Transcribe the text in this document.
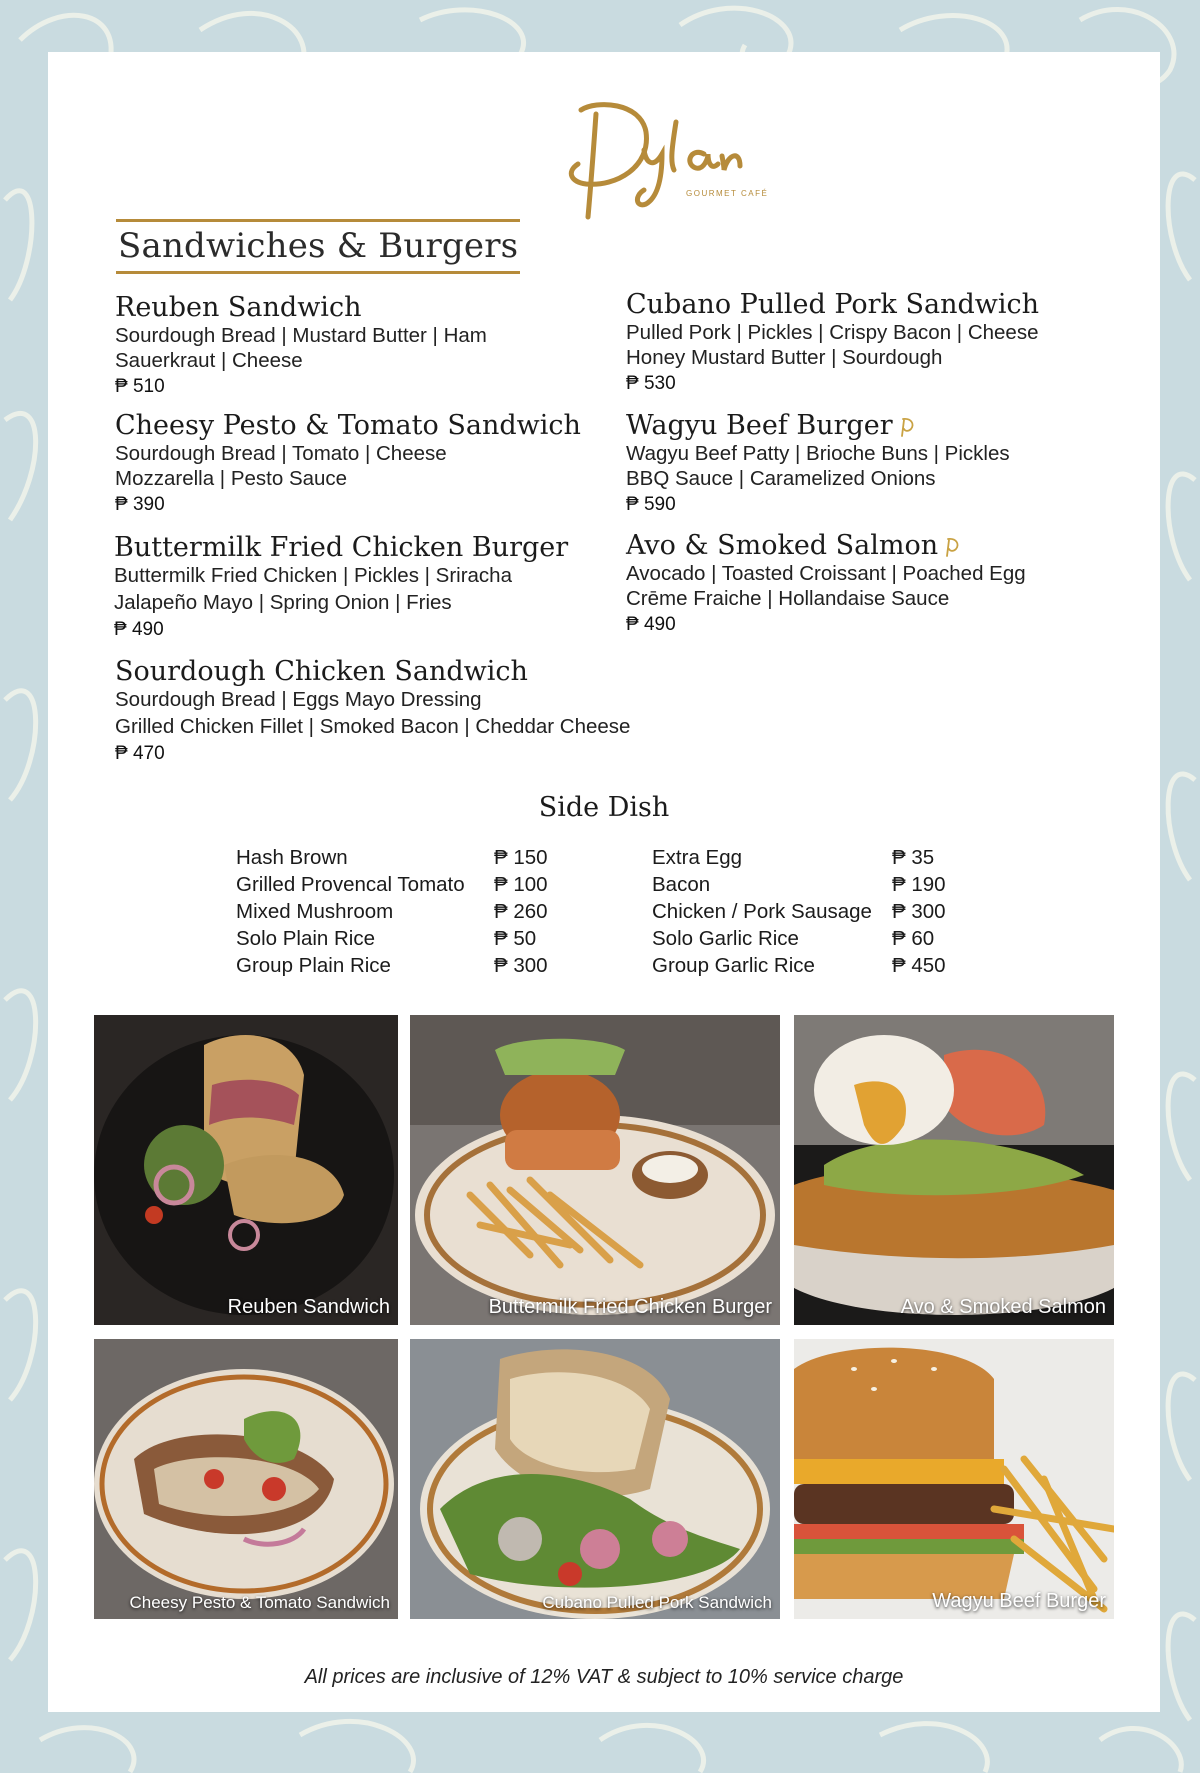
GOURMET CAFÉ
Sandwiches & Burgers
Reuben Sandwich
Sourdough Bread | Mustard Butter | Ham
Sauerkraut | Cheese
₱ 510
Cheesy Pesto & Tomato Sandwich
Sourdough Bread | Tomato | Cheese
Mozzarella | Pesto Sauce
₱ 390
Buttermilk Fried Chicken Burger
Buttermilk Fried Chicken | Pickles | Sriracha
Jalapeño Mayo | Spring Onion | Fries
₱ 490
Sourdough Chicken Sandwich
Sourdough Bread | Eggs Mayo Dressing
Grilled Chicken Fillet | Smoked Bacon | Cheddar Cheese
₱ 470
Cubano Pulled Pork Sandwich
Pulled Pork | Pickles | Crispy Bacon | Cheese
Honey Mustard Butter | Sourdough
₱ 530
Wagyu Beef Burger
Wagyu Beef Patty | Brioche Buns | Pickles
BBQ Sauce | Caramelized Onions
₱ 590
Avo & Smoked Salmon
Avocado | Toasted Croissant | Poached Egg
Crēme Fraiche | Hollandaise Sauce
₱ 490
Side Dish
Hash Brown	₱ 150
Grilled Provencal Tomato ₱ 100
Mixed Mushroom	₱ 260
Solo Plain Rice	₱ 50
Group Plain Rice	₱ 300
Extra Egg	₱ 35
Bacon	₱ 190
Chicken / Pork Sausage ₱ 300
Solo Garlic Rice	₱ 60
Group Garlic Rice	₱ 450
Reuben Sandwich	Buttermilk Fried Chicken Burger	Avo & Smoked Salmon
Cheesy Pesto & Tomato Sandwich	Cubano Pulled Pork Sandwich	Wagyu Beef Burger
All prices are inclusive of 12% VAT & subject to 10% service charge
